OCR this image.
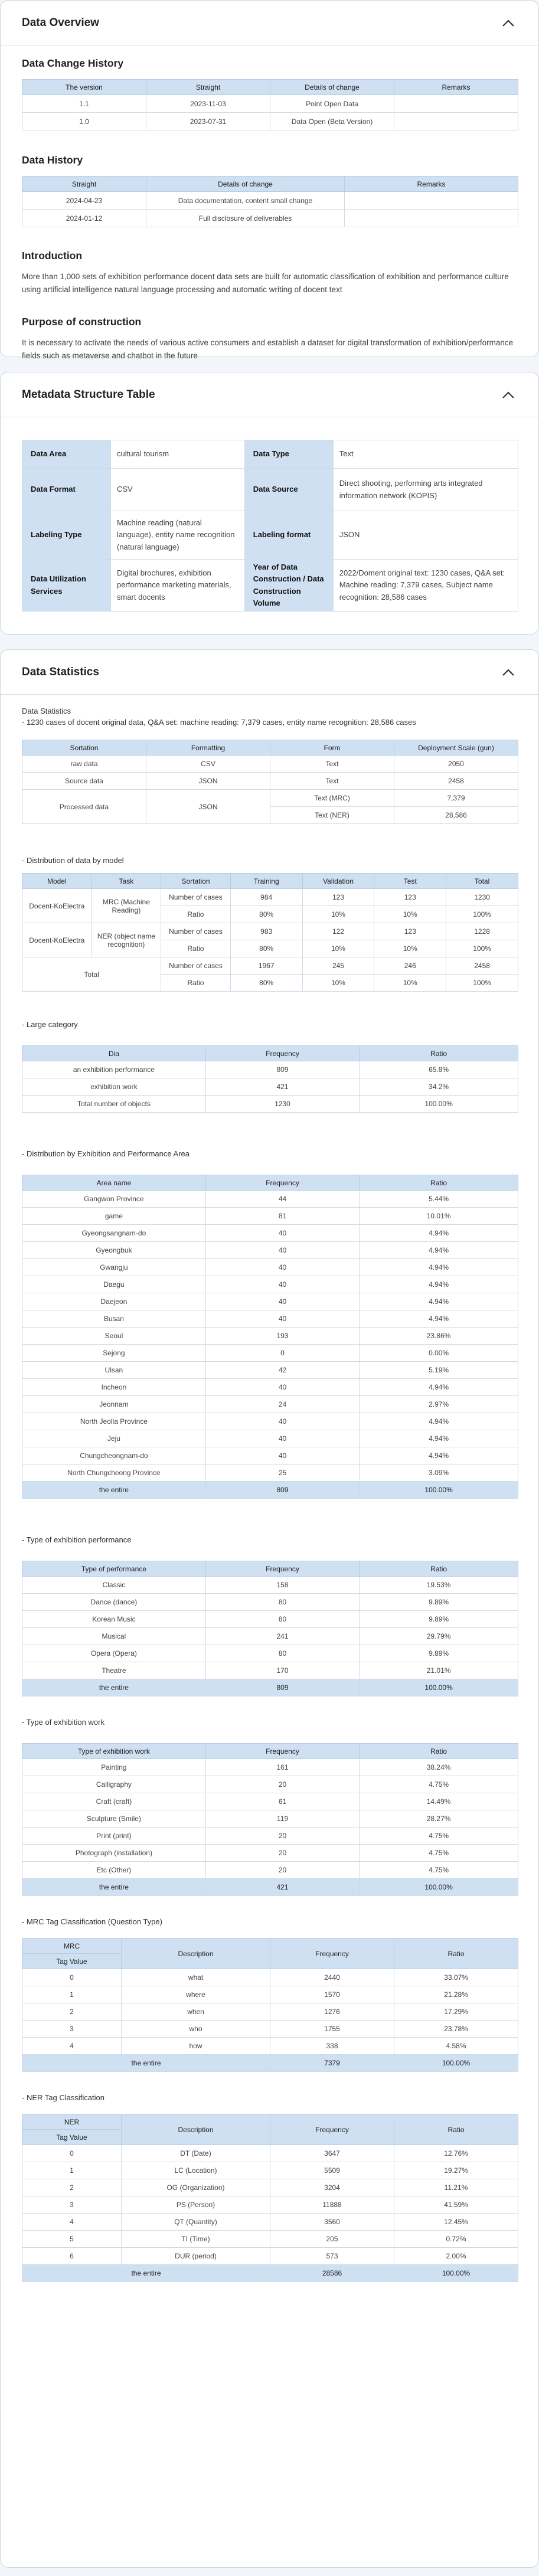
Data Overview
Data Change History
The version	Straight	Details of change	Remarks
1.1	2023-11-03	Point Open Data	
1.0	2023-07-31	Data Open (Beta Version)	
Data History
Straight	Details of change	Remarks
2024-04-23	Data documentation, content small change	
2024-01-12	Full disclosure of deliverables	
Introduction

More than 1,000 sets of exhibition performance docent data sets are built for automatic classification of exhibition and performance culture using artificial intelligence natural language processing and automatic writing of docent text

Purpose of construction

It is necessary to activate the needs of various active consumers and establish a dataset for digital transformation of exhibition/performance fields such as metaverse and chatbot in the future

Metadata Structure Table
Data Area	cultural tourism	Data Type	Text
Data Format	CSV	Data Source	Direct shooting, performing arts integrated information network (KOPIS)
Labeling Type	Machine reading (natural language), entity name recognition (natural language)	Labeling format	JSON
Data Utilization Services	Digital brochures, exhibition performance marketing materials, smart docents	Year of Data Construction / Data Construction Volume	2022/Doment original text: 1230 cases, Q&A set: Machine reading: 7,379 cases, Subject name recognition: 28,586 cases
Data Statistics
Data Statistics
- 1230 cases of docent original data, Q&A set: machine reading: 7,379 cases, entity name recognition: 28,586 cases
Sortation	Formatting	Form	Deployment Scale (gun)
raw data	CSV	Text	2050
Source data	JSON	Text	2458
Processed data	JSON	Text (MRC)	7,379
		Text (NER)	28,586
- Distribution of data by model
Model	Task	Sortation	Training	Validation	Test	Total
Docent-KoElectra	MRC (Machine Reading)	Number of cases	984	123	123	1230
		Ratio	80%	10%	10%	100%
Docent-KoElectra	NER (object name recognition)	Number of cases	983	122	123	1228
		Ratio	80%	10%	10%	100%
Total		Number of cases	1967	245	246	2458
		Ratio	80%	10%	10%	100%
- Large category
Dia	Frequency	Ratio
an exhibition performance	809	65.8%
exhibition work	421	34.2%
Total number of objects	1230	100.00%
- Distribution by Exhibition and Performance Area
Area name	Frequency	Ratio
Gangwon Province	44	5.44%
game	81	10.01%
Gyeongsangnam-do	40	4.94%
Gyeongbuk	40	4.94%
Gwangju	40	4.94%
Daegu	40	4.94%
Daejeon	40	4.94%
Busan	40	4.94%
Seoul	193	23.86%
Sejong	0	0.00%
Ulsan	42	5.19%
Incheon	40	4.94%
Jeonnam	24	2.97%
North Jeolla Province	40	4.94%
Jeju	40	4.94%
Chungcheongnam-do	40	4.94%
North Chungcheong Province	25	3.09%
the entire	809	100.00%
- Type of exhibition performance
Type of performance	Frequency	Ratio
Classic	158	19.53%
Dance (dance)	80	9.89%
Korean Music	80	9.89%
Musical	241	29.79%
Opera (Opera)	80	9.89%
Theatre	170	21.01%
the entire	809	100.00%
- Type of exhibition work
Type of exhibition work	Frequency	Ratio
Painting	161	38.24%
Calligraphy	20	4.75%
Craft (craft)	61	14.49%
Sculpture (Smile)	119	28.27%
Print (print)	20	4.75%
Photograph (installation)	20	4.75%
Etc (Other)	20	4.75%
the entire	421	100.00%
- MRC Tag Classification (Question Type)
MRC	Description	Frequency	Ratio
Tag Value			
0	what	2440	33.07%
1	where	1570	21.28%
2	when	1276	17.29%
3	who	1755	23.78%
4	how	338	4.58%
the entire		7379	100.00%
- NER Tag Classification
NER	Description	Frequency	Ratio
Tag Value			
0	DT (Date)	3647	12.76%
1	LC (Location)	5509	19.27%
2	OG (Organization)	3204	11.21%
3	PS (Person)	11888	41.59%
4	QT (Quantity)	3560	12.45%
5	TI (Time)	205	0.72%
6	DUR (period)	573	2.00%
the entire		28586	100.00%
